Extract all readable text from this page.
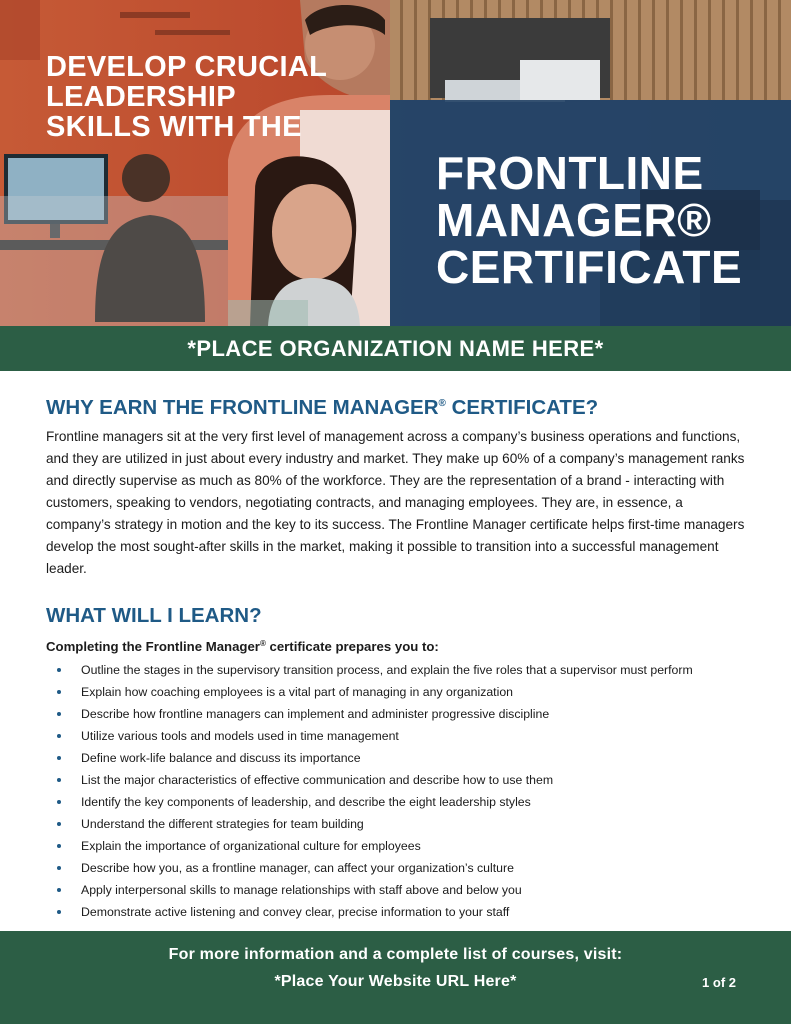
DEVELOP CRUCIAL
LEADERSHIP
SKILLS WITH THE
FRONTLINE
MANAGER®
CERTIFICATE
*PLACE ORGANIZATION NAME HERE*
WHY EARN THE FRONTLINE MANAGER® CERTIFICATE?

Frontline managers sit at the very first level of management across a company’s business operations and functions, and they are utilized in just about every industry and market. They make up 60% of a company’s management ranks and directly supervise as much as 80% of the workforce. They are the representation of a brand - interacting with customers, speaking to vendors, negotiating contracts, and managing employees. They are, in essence, a company’s strategy in motion and the key to its success. The Frontline Manager certificate helps first-time managers develop the most sought-after skills in the market, making it possible to transition into a successful management leader.

WHAT WILL I LEARN?

Completing the Frontline Manager® certificate prepares you to:

Outline the stages in the supervisory transition process, and explain the five roles that a supervisor must perform
Explain how coaching employees is a vital part of managing in any organization
Describe how frontline managers can implement and administer progressive discipline
Utilize various tools and models used in time management
Define work-life balance and discuss its importance
List the major characteristics of effective communication and describe how to use them
Identify the key components of leadership, and describe the eight leadership styles
Understand the different strategies for team building
Explain the importance of organizational culture for employees
Describe how you, as a frontline manager, can affect your organization’s culture
Apply interpersonal skills to manage relationships with staff above and below you
Demonstrate active listening and convey clear, precise information to your staff
For more information and a complete list of courses, visit:
*Place Your Website URL Here*	1 of 2
